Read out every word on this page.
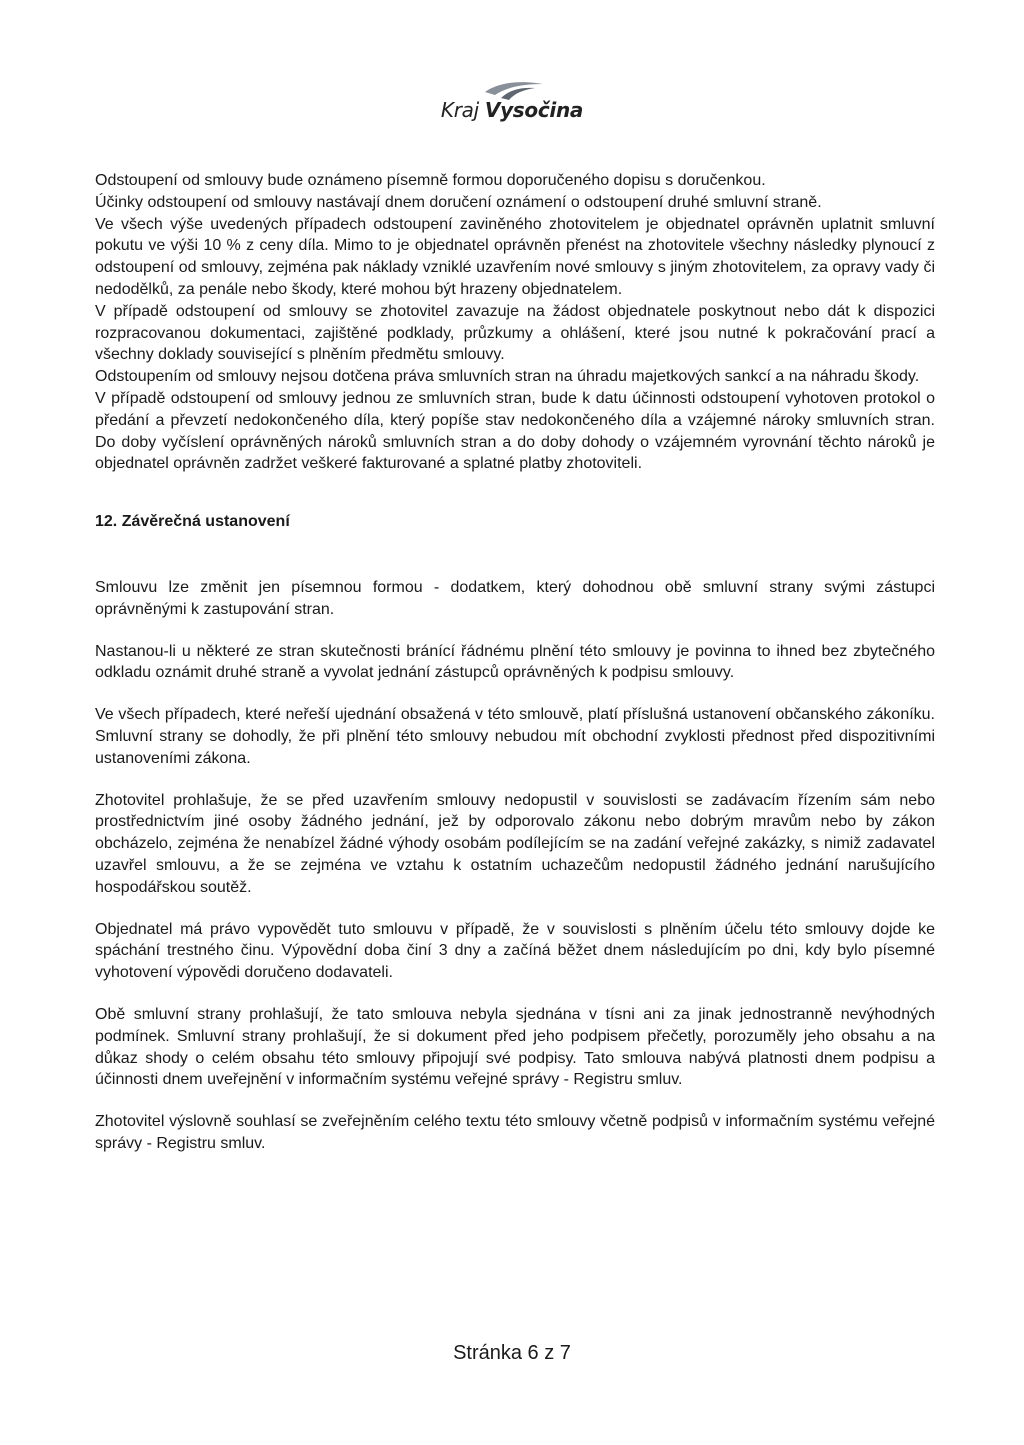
Kraj Vysočina

Odstoupení od smlouvy bude oznámeno písemně formou doporučeného dopisu s doručenkou.

Účinky odstoupení od smlouvy nastávají dnem doručení oznámení o odstoupení druhé smluvní straně.

Ve všech výše uvedených případech odstoupení zaviněného zhotovitelem je objednatel oprávněn uplatnit smluvní pokutu ve výši 10 % z ceny díla. Mimo to je objednatel oprávněn přenést na zhotovitele všechny následky plynoucí z odstoupení od smlouvy, zejména pak náklady vzniklé uzavřením nové smlouvy s jiným zhotovitelem, za opravy vady či nedodělků, za penále nebo škody, které mohou být hrazeny objednatelem.

V případě odstoupení od smlouvy se zhotovitel zavazuje na žádost objednatele poskytnout nebo dát k dispozici rozpracovanou dokumentaci, zajištěné podklady, průzkumy a ohlášení, které jsou nutné k pokračování prací a všechny doklady související s plněním předmětu smlouvy.

Odstoupením od smlouvy nejsou dotčena práva smluvních stran na úhradu majetkových sankcí a na náhradu škody.

V případě odstoupení od smlouvy jednou ze smluvních stran, bude k datu účinnosti odstoupení vyhotoven protokol o předání a převzetí nedokončeného díla, který popíše stav nedokončeného díla a vzájemné nároky smluvních stran. Do doby vyčíslení oprávněných nároků smluvních stran a do doby dohody o vzájemném vyrovnání těchto nároků je objednatel oprávněn zadržet veškeré fakturované a splatné platby zhotoviteli.

12. Závěrečná ustanovení

Smlouvu lze změnit jen písemnou formou - dodatkem, který dohodnou obě smluvní strany svými zástupci oprávněnými k zastupování stran.

Nastanou-li u některé ze stran skutečnosti bránící řádnému plnění této smlouvy je povinna to ihned bez zbytečného odkladu oznámit druhé straně a vyvolat jednání zástupců oprávněných k podpisu smlouvy.

Ve všech případech, které neřeší ujednání obsažená v této smlouvě, platí příslušná ustanovení občanského zákoníku. Smluvní strany se dohodly, že při plnění této smlouvy nebudou mít obchodní zvyklosti přednost před dispozitivními ustanoveními zákona.

Zhotovitel prohlašuje, že se před uzavřením smlouvy nedopustil v souvislosti se zadávacím řízením sám nebo prostřednictvím jiné osoby žádného jednání, jež by odporovalo zákonu nebo dobrým mravům nebo by zákon obcházelo, zejména že nenabízel žádné výhody osobám podílejícím se na zadání veřejné zakázky, s nimiž zadavatel uzavřel smlouvu, a že se zejména ve vztahu k ostatním uchazečům nedopustil žádného jednání narušujícího hospodářskou soutěž.

Objednatel má právo vypovědět tuto smlouvu v případě, že v souvislosti s plněním účelu této smlouvy dojde ke spáchání trestného činu. Výpovědní doba činí 3 dny a začíná běžet dnem následujícím po dni, kdy bylo písemné vyhotovení výpovědi doručeno dodavateli.

Obě smluvní strany prohlašují, že tato smlouva nebyla sjednána v tísni ani za jinak jednostranně nevýhodných podmínek. Smluvní strany prohlašují, že si dokument před jeho podpisem přečetly, porozuměly jeho obsahu a na důkaz shody o celém obsahu této smlouvy připojují své podpisy. Tato smlouva nabývá platnosti dnem podpisu a účinnosti dnem uveřejnění v informačním systému veřejné správy - Registru smluv.

Zhotovitel výslovně souhlasí se zveřejněním celého textu této smlouvy včetně podpisů v informačním systému veřejné správy - Registru smluv.

Stránka 6 z 7
